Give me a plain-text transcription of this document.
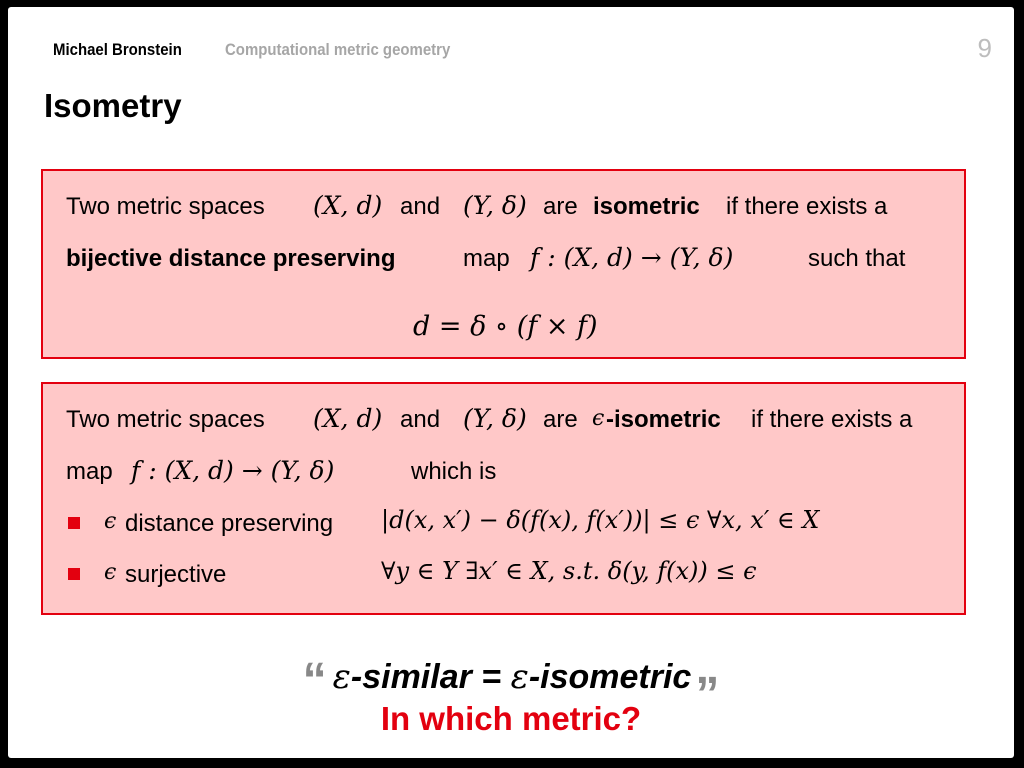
Michael Bronstein	Computational metric geometry	9
Isometry
Two metric spaces (X, d) and (Y, δ) are isometric if there exists a
bijective distance preserving	map f : (X, d) → (Y, δ)	such that
d = δ ∘ (f × f)
Two metric spaces (X, d) and (Y, δ) are ϵ -isometric if there exists a
map f : (X, d) → (Y, δ)	which is
ϵ distance preserving |d(x, x′) − δ(f(x), f(x′))| ≤ ϵ ∀x, x′ ∈ X
ϵ surjective	∀y ∈ Y ∃x′ ∈ X, s.t. δ(y, f(x)) ≤ ϵ
“ ε-similar = ε-isometric”
In which metric?
